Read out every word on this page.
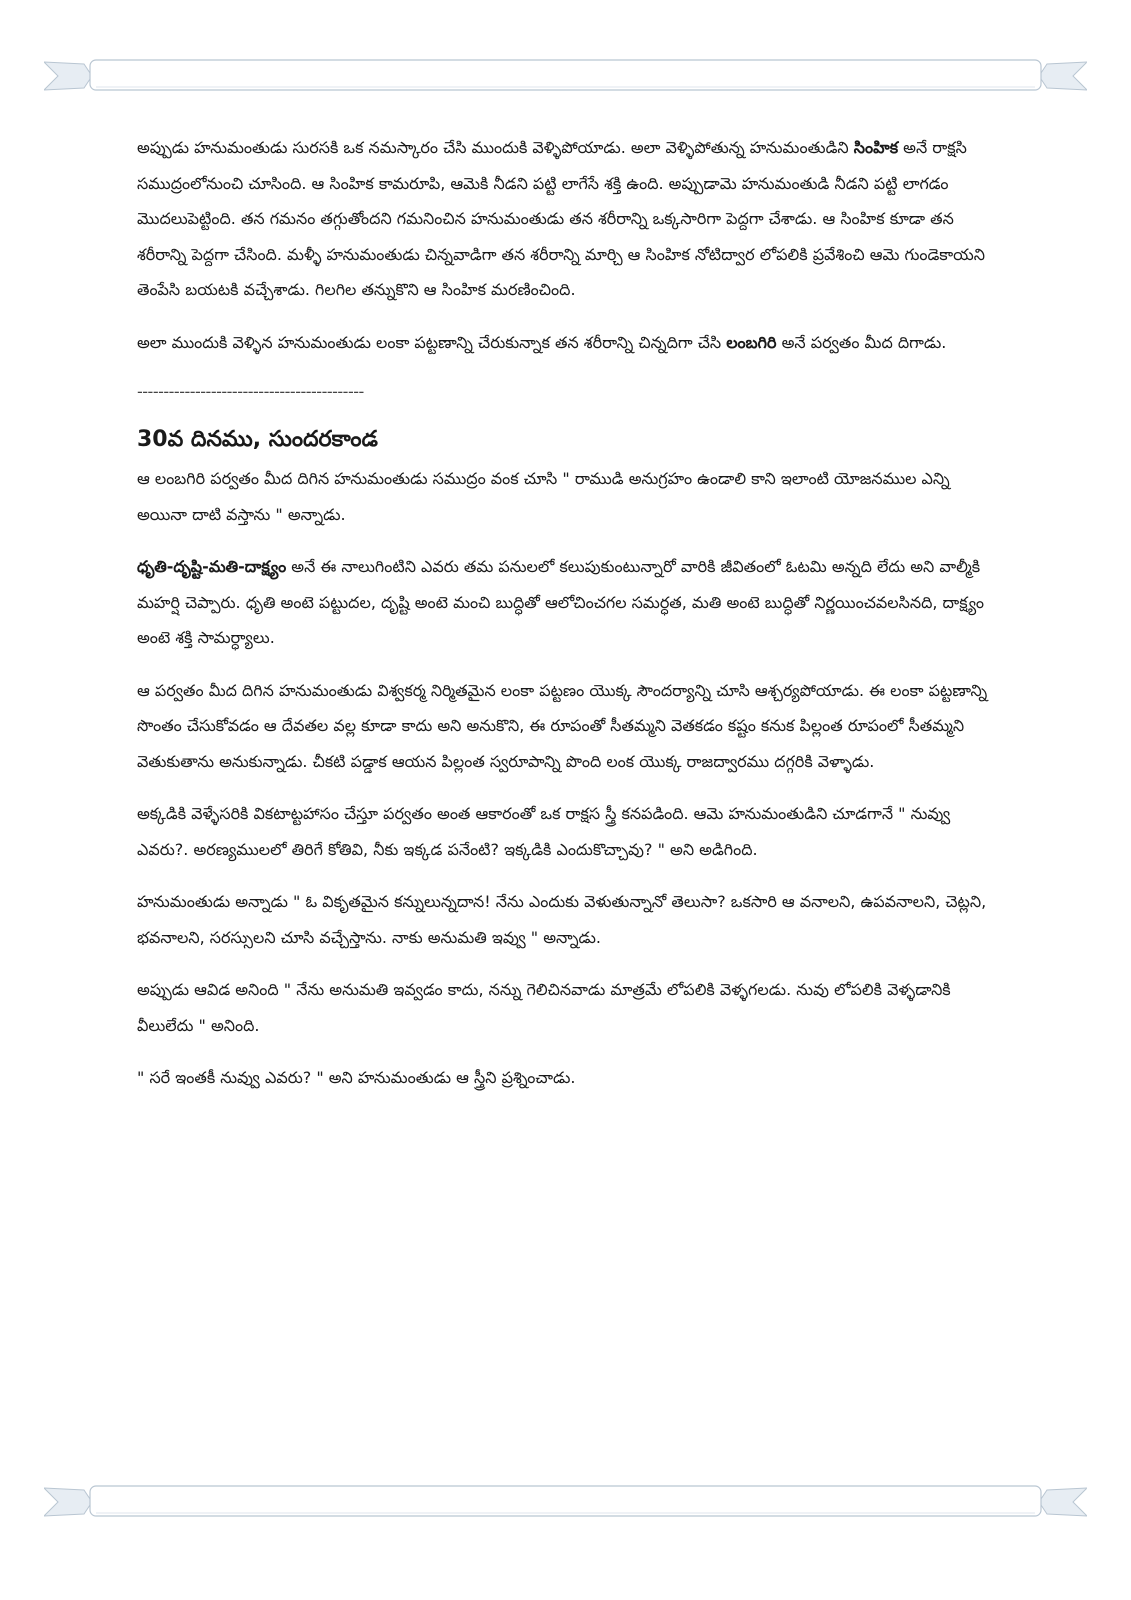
అప్పుడు హనుమంతుడు సురసకి ఒక నమస్కారం చేసి ముందుకి వెళ్ళిపోయాడు. అలా వెళ్ళిపోతున్న హనుమంతుడిని సింహిక అనే రాక్షసి సముద్రంలోనుంచి చూసింది. ఆ సింహిక కామరూపి, ఆమెకి నీడని పట్టి లాగేసే శక్తి ఉంది. అప్పుడామె హనుమంతుడి నీడని పట్టి లాగడం మొదలుపెట్టింది. తన గమనం తగ్గుతోందని గమనించిన హనుమంతుడు తన శరీరాన్ని ఒక్కసారిగా పెద్దగా చేశాడు. ఆ సింహిక కూడా తన శరీరాన్ని పెద్దగా చేసింది. మళ్ళీ హనుమంతుడు చిన్నవాడిగా తన శరీరాన్ని మార్చి ఆ సింహిక నోటిద్వార లోపలికి ప్రవేశించి ఆమె గుండెకాయని తెంపేసి బయటకి వచ్చేశాడు. గిలగిల తన్నుకొని ఆ సింహిక మరణించింది.

అలా ముందుకి వెళ్ళిన హనుమంతుడు లంకా పట్టణాన్ని చేరుకున్నాక తన శరీరాన్ని చిన్నదిగా చేసి లంబగిరి అనే పర్వతం మీద దిగాడు.

-------------------------------------------
30వ దినము, సుందరకాండ

ఆ లంబగిరి పర్వతం మీద దిగిన హనుమంతుడు సముద్రం వంక చూసి " రాముడి అనుగ్రహం ఉండాలి కాని ఇలాంటి యోజనముల ఎన్ని అయినా దాటి వస్తాను " అన్నాడు.

ధృతి-దృష్టి-మతి-దాక్ష్యం అనే ఈ నాలుగింటిని ఎవరు తమ పనులలో కలుపుకుంటున్నారో వారికి జీవితంలో ఓటమి అన్నది లేదు అని వాల్మీకి మహర్షి చెప్పారు. ధృతి అంటె పట్టుదల, దృష్టి అంటె మంచి బుద్ధితో ఆలోచించగల సమర్ధత, మతి అంటె బుద్ధితో నిర్ణయించవలసినది, దాక్ష్యం అంటె శక్తి సామర్ధ్యాలు.

ఆ పర్వతం మీద దిగిన హనుమంతుడు విశ్వకర్మ నిర్మితమైన లంకా పట్టణం యొక్క సౌందర్యాన్ని చూసి ఆశ్చర్యపోయాడు. ఈ లంకా పట్టణాన్ని సొంతం చేసుకోవడం ఆ దేవతల వల్ల కూడా కాదు అని అనుకొని, ఈ రూపంతో సీతమ్మని వెతకడం కష్టం కనుక పిల్లంత రూపంలో సీతమ్మని వెతుకుతాను అనుకున్నాడు. చీకటి పడ్డాక ఆయన పిల్లంత స్వరూపాన్ని పొంది లంక యొక్క రాజద్వారము దగ్గరికి వెళ్ళాడు.

అక్కడికి వెళ్ళేసరికి వికటాట్టహాసం చేస్తూ పర్వతం అంత ఆకారంతో ఒక రాక్షస స్త్రీ కనపడింది. ఆమె హనుమంతుడిని చూడగానే " నువ్వు ఎవరు?. అరణ్యములలో తిరిగే కోతివి, నీకు ఇక్కడ పనేంటి? ఇక్కడికి ఎందుకొచ్చావు? " అని అడిగింది.

హనుమంతుడు అన్నాడు " ఓ వికృతమైన కన్నులున్నదాన! నేను ఎందుకు వెళుతున్నానో తెలుసా? ఒకసారి ఆ వనాలని, ఉపవనాలని, చెట్లని, భవనాలని, సరస్సులని చూసి వచ్చేస్తాను. నాకు అనుమతి ఇవ్వు " అన్నాడు.

అప్పుడు ఆవిడ అనింది " నేను అనుమతి ఇవ్వడం కాదు, నన్ను గెలిచినవాడు మాత్రమే లోపలికి వెళ్ళగలడు. నువు లోపలికి వెళ్ళడానికి వీలులేదు " అనింది.

" సరే ఇంతకీ నువ్వు ఎవరు? " అని హనుమంతుడు ఆ స్త్రీని ప్రశ్నించాడు.
